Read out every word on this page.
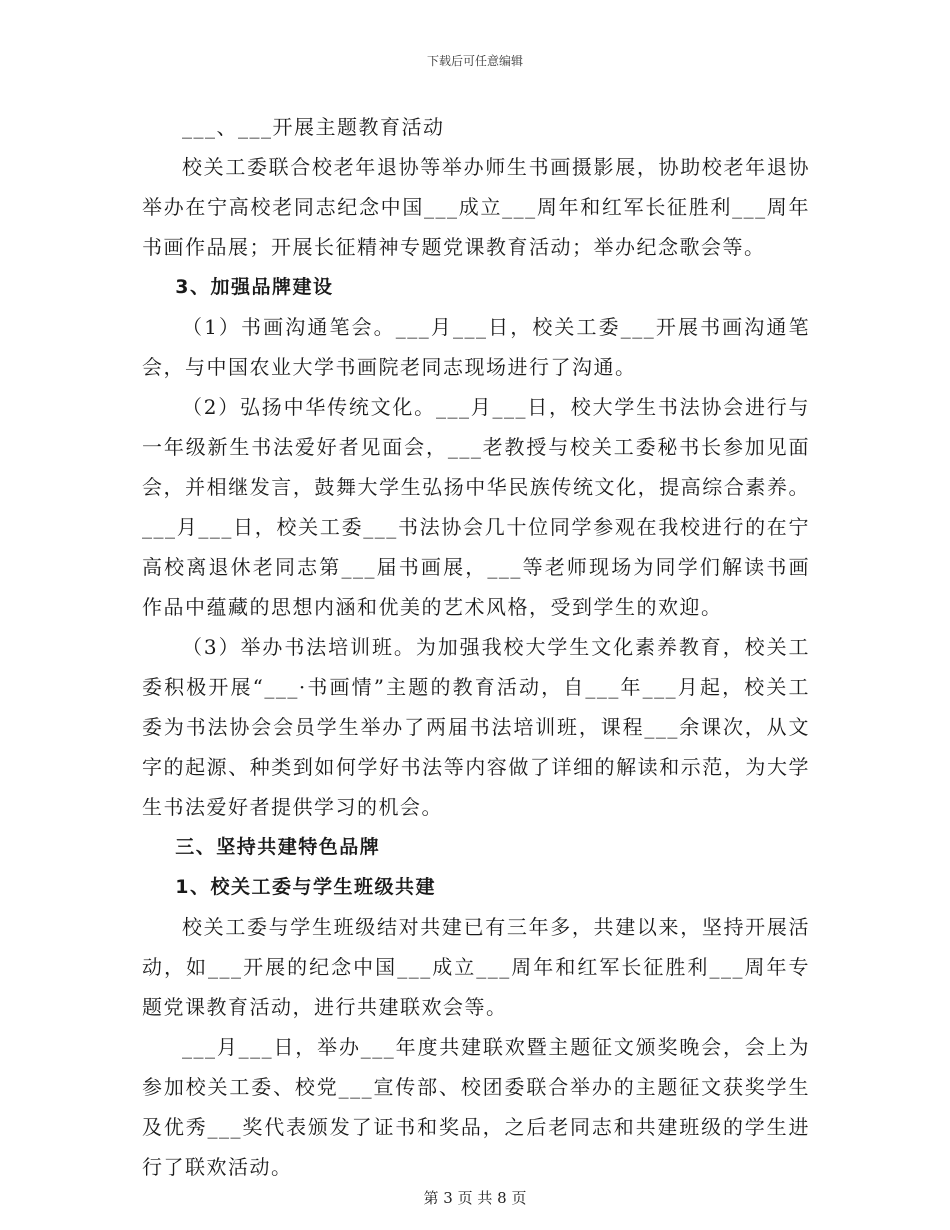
下载后可任意编辑

___、___开展主题教育活动

校关工委联合校老年退协等举办师生书画摄影展，协助校老年退协举办在宁高校老同志纪念中国___成立___周年和红军长征胜利___周年书画作品展；开展长征精神专题党课教育活动；举办纪念歌会等。

3、加强品牌建设

（1）书画沟通笔会。___月___日，校关工委___开展书画沟通笔会，与中国农业大学书画院老同志现场进行了沟通。

（2）弘扬中华传统文化。___月___日，校大学生书法协会进行与一年级新生书法爱好者见面会，___老教授与校关工委秘书长参加见面会，并相继发言，鼓舞大学生弘扬中华民族传统文化，提高综合素养。___月___日，校关工委___书法协会几十位同学参观在我校进行的在宁高校离退休老同志第___届书画展，___等老师现场为同学们解读书画作品中蕴藏的思想内涵和优美的艺术风格，受到学生的欢迎。

（3）举办书法培训班。为加强我校大学生文化素养教育，校关工委积极开展“___·书画情”主题的教育活动，自___年___月起，校关工委为书法协会会员学生举办了两届书法培训班，课程___余课次，从文字的起源、种类到如何学好书法等内容做了详细的解读和示范，为大学生书法爱好者提供学习的机会。

三、坚持共建特色品牌

1、校关工委与学生班级共建

校关工委与学生班级结对共建已有三年多，共建以来，坚持开展活动，如___开展的纪念中国___成立___周年和红军长征胜利___周年专题党课教育活动，进行共建联欢会等。

___月___日，举办___年度共建联欢暨主题征文颁奖晚会，会上为参加校关工委、校党___宣传部、校团委联合举办的主题征文获奖学生及优秀___奖代表颁发了证书和奖品，之后老同志和共建班级的学生进行了联欢活动。

第 3 页 共 8 页
